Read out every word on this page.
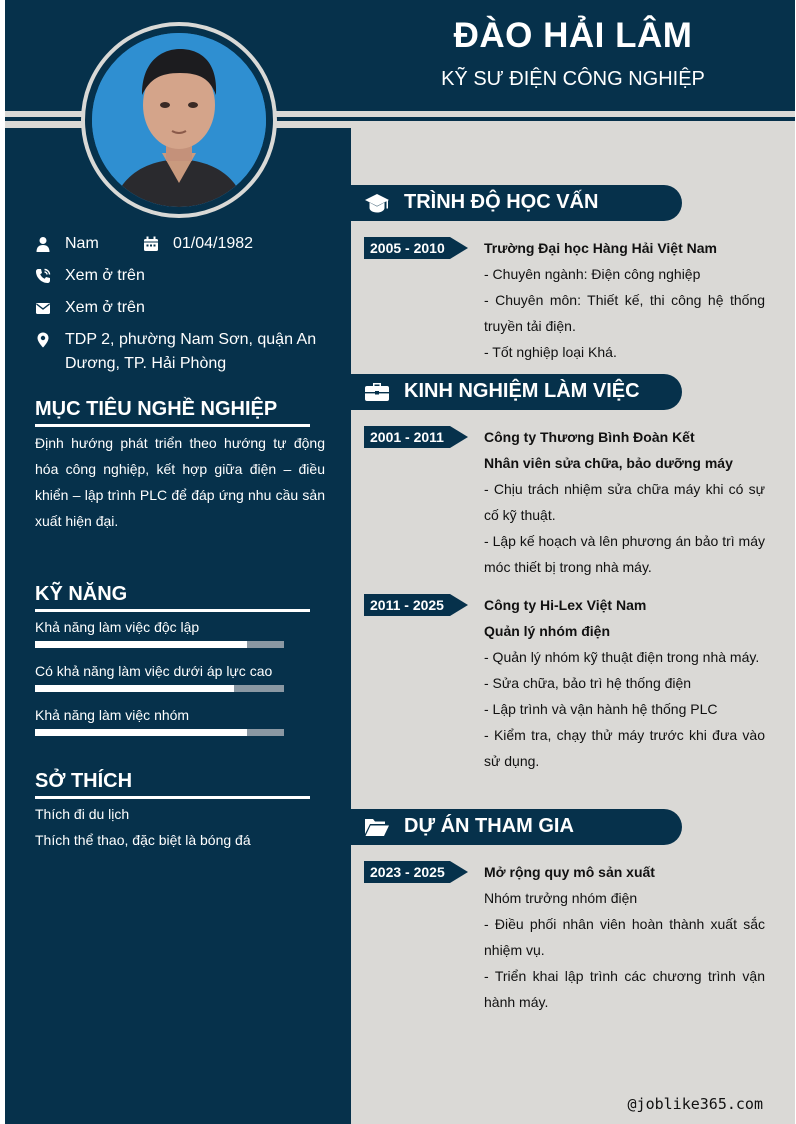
ĐÀO HẢI LÂM
KỸ SƯ ĐIỆN CÔNG NGHIỆP
Nam	01/04/1982
Xem ở trên
Xem ở trên
TDP 2, phường Nam Sơn, quận An Dương, TP. Hải Phòng
MỤC TIÊU NGHỀ NGHIỆP
Định hướng phát triển theo hướng tự động hóa công nghiệp, kết hợp giữa điện – điều khiển – lập trình PLC để đáp ứng nhu cầu sản xuất hiện đại.
KỸ NĂNG
SỞ THÍCH
Thích đi du lịch
Thích thể thao, đặc biệt là bóng đá
TRÌNH ĐỘ HỌC VẤN
2005 - 2010	Trường Đại học Hàng Hải Việt Nam
- Chuyên ngành: Điện công nghiệp
- Chuyên môn: Thiết kế, thi công hệ thống truyền tải điện.
- Tốt nghiệp loại Khá.
KINH NGHIỆM LÀM VIỆC
2001 - 2011	Công ty Thương Bình Đoàn Kết
Nhân viên sửa chữa, bảo dưỡng máy
- Chịu trách nhiệm sửa chữa máy khi có sự cố kỹ thuật.
- Lập kế hoạch và lên phương án bảo trì máy móc thiết bị trong nhà máy.
2011 - 2025	Công ty Hi-Lex Việt Nam
Quản lý nhóm điện
- Quản lý nhóm kỹ thuật điện trong nhà máy.
- Sửa chữa, bảo trì hệ thống điện
- Lập trình và vận hành hệ thống PLC
- Kiểm tra, chạy thử máy trước khi đưa vào sử dụng.
DỰ ÁN THAM GIA
2023 - 2025	Mở rộng quy mô sản xuất
Nhóm trưởng nhóm điện
- Điều phối nhân viên hoàn thành xuất sắc nhiệm vụ.
- Triển khai lập trình các chương trình vận hành máy.
@joblike365.com
Khả năng làm việc độc lập
Có khả năng làm việc dưới áp lực cao
Khả năng làm việc nhóm
